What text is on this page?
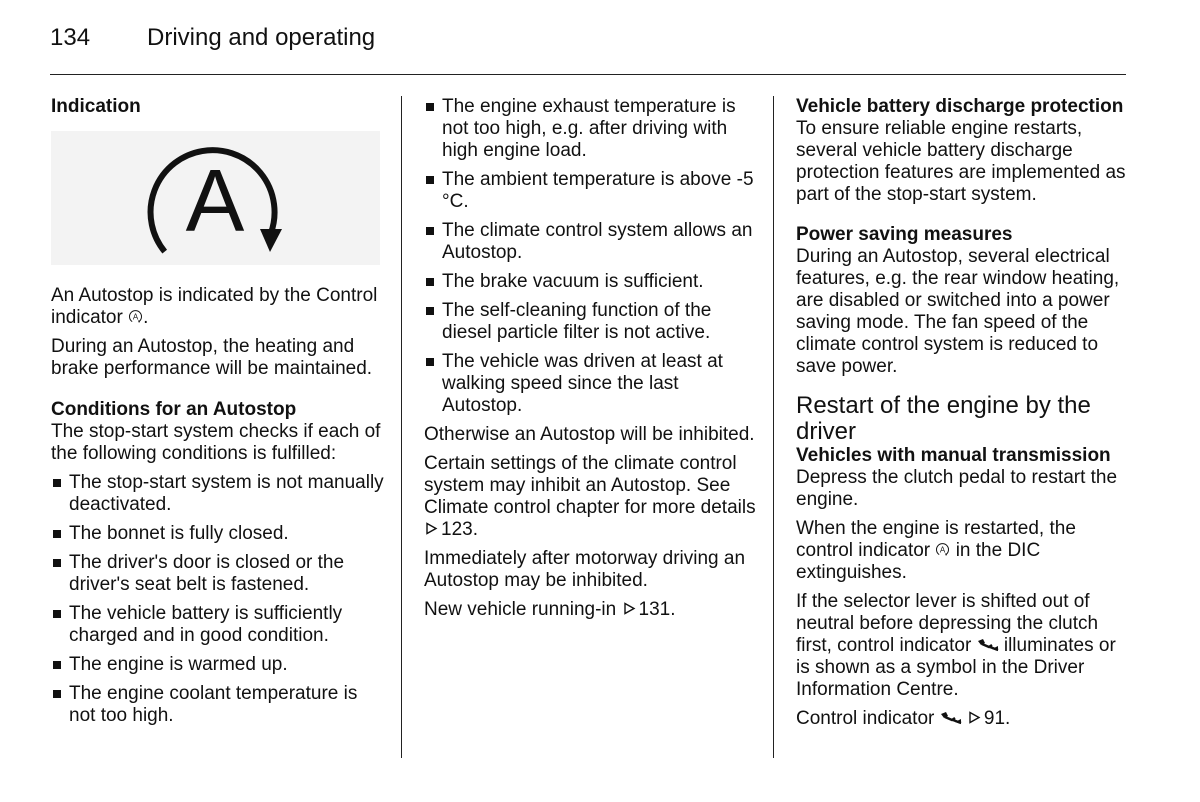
134 Driving and operating
Indication
A

An Autostop is indicated by the Control indicator A .

During an Autostop, the heating and brake performance will be maintained.

Conditions for an Autostop

The stop-start system checks if each of the following conditions is fulfilled:

The stop-start system is not manually deactivated.
The bonnet is fully closed.
The driver's door is closed or the driver's seat belt is fastened.
The vehicle battery is sufficiently charged and in good condition.
The engine is warmed up.
The engine coolant temperature is not too high.
The engine exhaust temperature is not too high, e.g. after driving with high engine load.
The ambient temperature is above -5 °C.
The climate control system allows an Autostop.
The brake vacuum is sufficient.
The self-cleaning function of the diesel particle filter is not active.
The vehicle was driven at least at walking speed since the last Autostop.

Otherwise an Autostop will be inhibited.

Certain settings of the climate control system may inhibit an Autostop. See Climate control chapter for more details123.

Immediately after motorway driving an Autostop may be inhibited.

New vehicle running-in 131.

Vehicle battery discharge protection

To ensure reliable engine restarts, several vehicle battery discharge protection features are implemented as part of the stop-start system.

Power saving measures

During an Autostop, several electrical features, e.g. the rear window heating, are disabled or switched into a power saving mode. The fan speed of the climate control system is reduced to save power.

Restart of the engine by the driver
Vehicles with manual transmission

Depress the clutch pedal to restart the engine.

When the engine is restarted, the control indicator A in the DIC extinguishes.

If the selector lever is shifted out of neutral before depressing the clutch first, control indicator illuminates or is shown as a symbol in the Driver Information Centre.

Control indicator	91.
